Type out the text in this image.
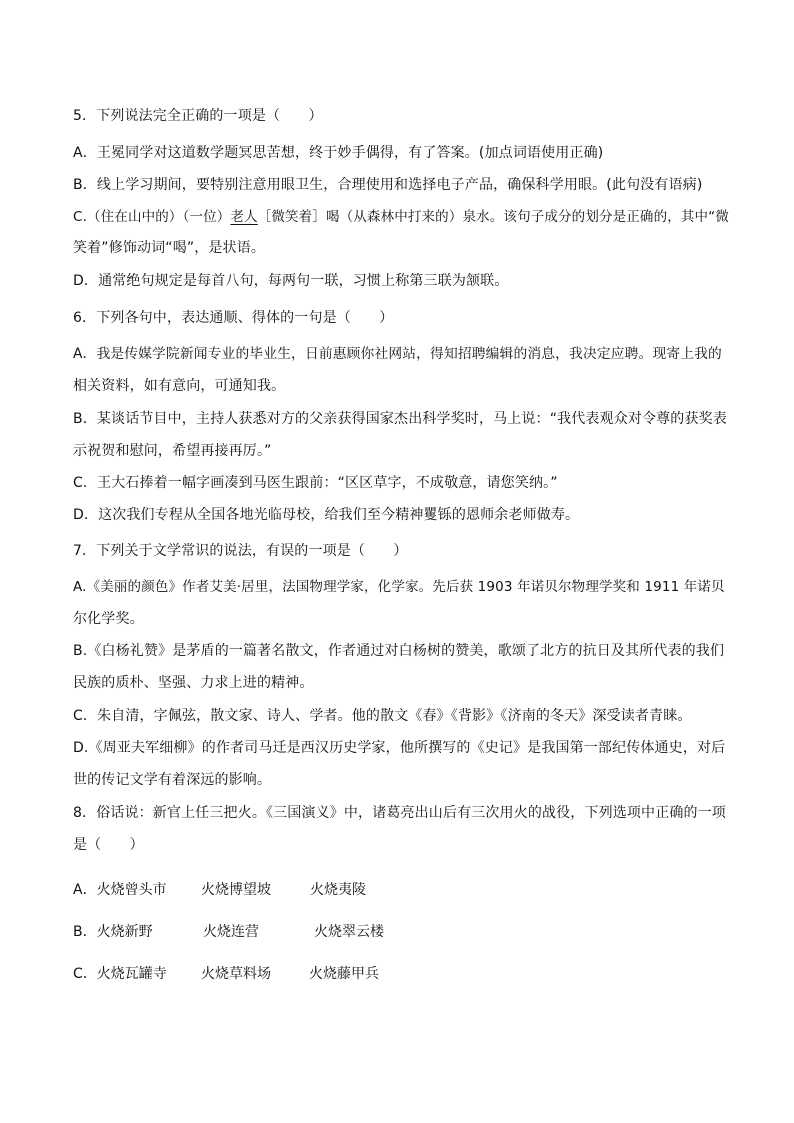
5．下列说法完全正确的一项是（　　）
A．王冕同学对这道数学题冥思苦想，终于妙手偶得，有了答案。(加点词语使用正确)
B．线上学习期间，要特别注意用眼卫生，合理使用和选择电子产品，确保科学用眼。(此句没有语病)
C.（住在山中的）（一位）老人［微笑着］喝（从森林中打来的）泉水。该句子成分的划分是正确的，其中“微
笑着”修饰动词“喝”，是状语。
D．通常绝句规定是每首八句，每两句一联，习惯上称第三联为颔联。
6．下列各句中，表达通顺、得体的一句是（　　）
A．我是传媒学院新闻专业的毕业生，日前惠顾你社网站，得知招聘编辑的消息，我决定应聘。现寄上我的
相关资料，如有意向，可通知我。
B．某谈话节目中，主持人获悉对方的父亲获得国家杰出科学奖时，马上说：“我代表观众对令尊的获奖表
示祝贺和慰问，希望再接再厉。”
C．王大石捧着一幅字画凑到马医生跟前：“区区草字，不成敬意，请您笑纳。”
D．这次我们专程从全国各地光临母校，给我们至今精神矍铄的恩师余老师做寿。
7．下列关于文学常识的说法，有误的一项是（　　）
A.《美丽的颜色》作者艾美·居里，法国物理学家，化学家。先后获 1903 年诺贝尔物理学奖和 1911 年诺贝
尔化学奖。
B.《白杨礼赞》是茅盾的一篇著名散文，作者通过对白杨树的赞美，歌颂了北方的抗日及其所代表的我们
民族的质朴、坚强、力求上进的精神。
C．朱自清，字佩弦，散文家、诗人、学者。他的散文《春》《背影》《济南的冬天》深受读者青睐。
D.《周亚夫军细柳》的作者司马迁是西汉历史学家，他所撰写的《史记》是我国第一部纪传体通史，对后
世的传记文学有着深远的影响。
8．俗话说：新官上任三把火。《三国演义》中，诸葛亮出山后有三次用火的战役，下列选项中正确的一项
是（　　）
A．火烧曾头市 火烧博望坡	火烧夷陵
B．火烧新野	火烧连营	火烧翠云楼
C．火烧瓦罐寺 火烧草料场	火烧藤甲兵
